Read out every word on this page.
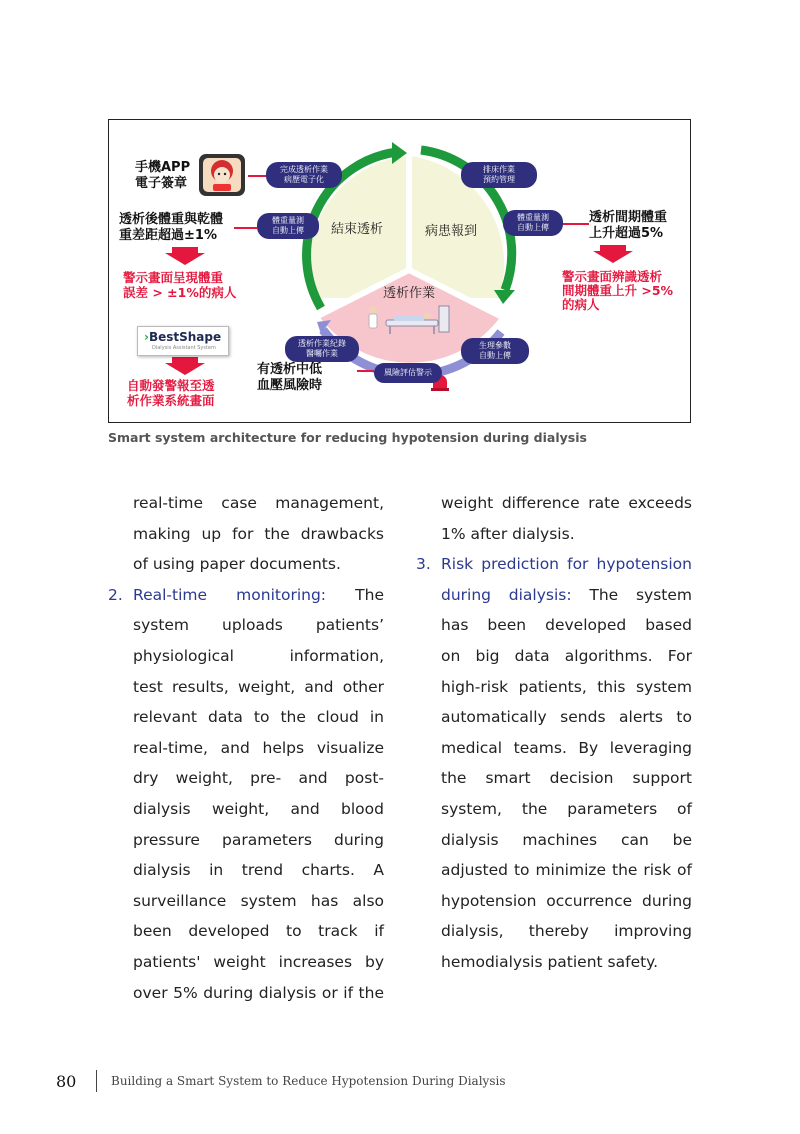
結束透析	病患報到
透析作業
完成透析作業
病歷電子化
體重量測
自動上傳
排床作業
預約管理
體重量測
自動上傳
透析作業紀錄
醫囑作業
生理參數
自動上傳
風險評估警示
手機APP
電子簽章
透析後體重與乾體
重差距超過±1%
透析間期體重
上升超過5%
有透析中低
血壓風險時
警示畫面呈現體重
誤差 > ±1%的病人
警示畫面辨識透析
間期體重上升 >5%
的病人
自動發警報至透
析作業系統畫面
›BestShape
Dialysis Assistant System
Smart system architecture for reducing hypotension during dialysis
real-time case management,
making up for the drawbacks
of using paper documents.
2. Real-time monitoring: The
system uploads patients’
physiological information,
test results, weight, and other
relevant data to the cloud in
real-time, and helps visualize
dry weight, pre- and post-
dialysis weight, and blood
pressure parameters during
dialysis in trend charts. A
surveillance system has also
been developed to track if
patients' weight increases by
over 5% during dialysis or if the
weight difference rate exceeds
1% after dialysis.
3. Risk prediction for hypotension
during dialysis: The system
has been developed based
on big data algorithms. For
high-risk patients, this system
automatically sends alerts to
medical teams. By leveraging
the smart decision support
system, the parameters of
dialysis machines can be
adjusted to minimize the risk of
hypotension occurrence during
dialysis, thereby improving
hemodialysis patient safety.
80	Building a Smart System to Reduce Hypotension During Dialysis
